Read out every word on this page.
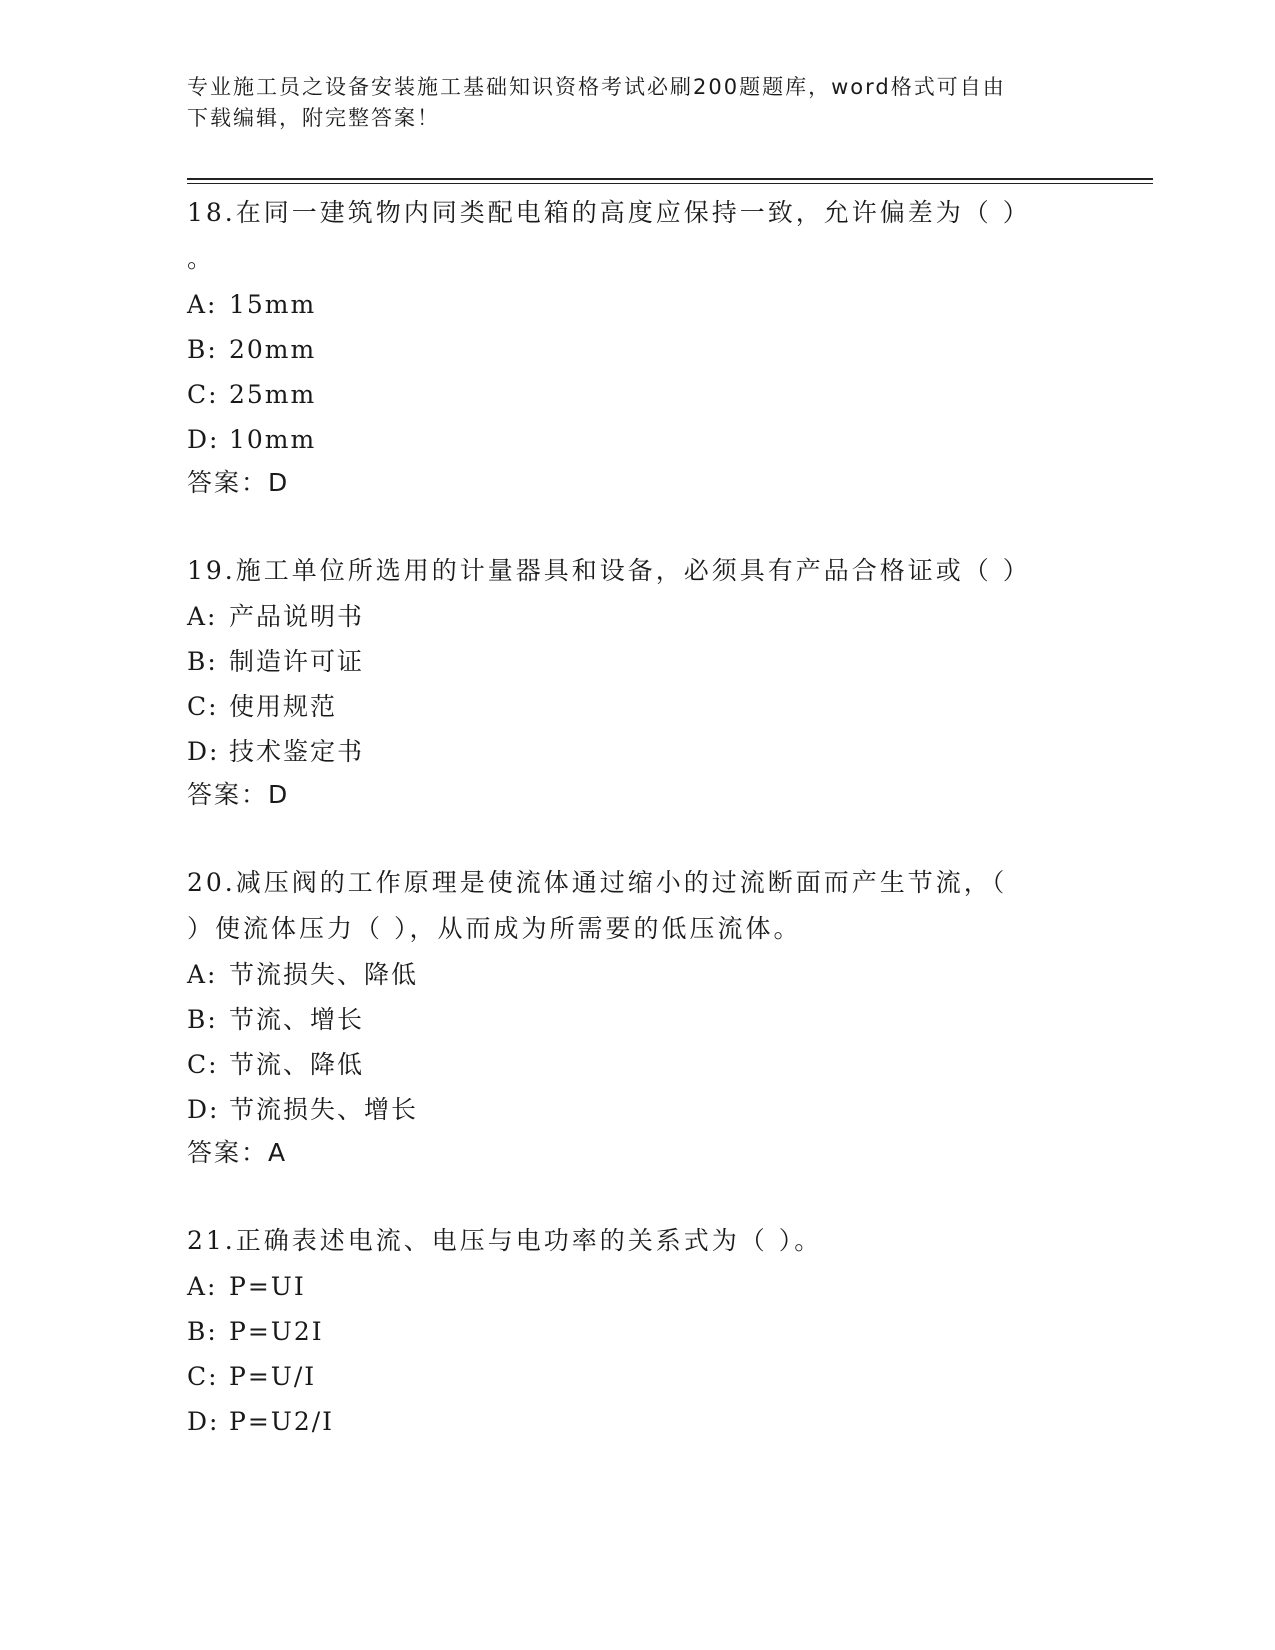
专业施工员之设备安装施工基础知识资格考试必刷200题题库，word格式可自由
下载编辑，附完整答案！
18.在同一建筑物内同类配电箱的高度应保持一致，允许偏差为（ ）
。
A: 15mm
B: 20mm
C: 25mm
D: 10mm
答案：D
19.施工单位所选用的计量器具和设备，必须具有产品合格证或（ ）
A: 产品说明书
B: 制造许可证
C: 使用规范
D: 技术鉴定书
答案：D
20.减压阀的工作原理是使流体通过缩小的过流断面而产生节流，（
）使流体压力（ ），从而成为所需要的低压流体。
A: 节流损失、降低
B: 节流、增长
C: 节流、降低
D: 节流损失、增长
答案：A
21.正确表述电流、电压与电功率的关系式为（ ）。
A: P=UI
B: P=U2I
C: P=U/I
D: P=U2/I
